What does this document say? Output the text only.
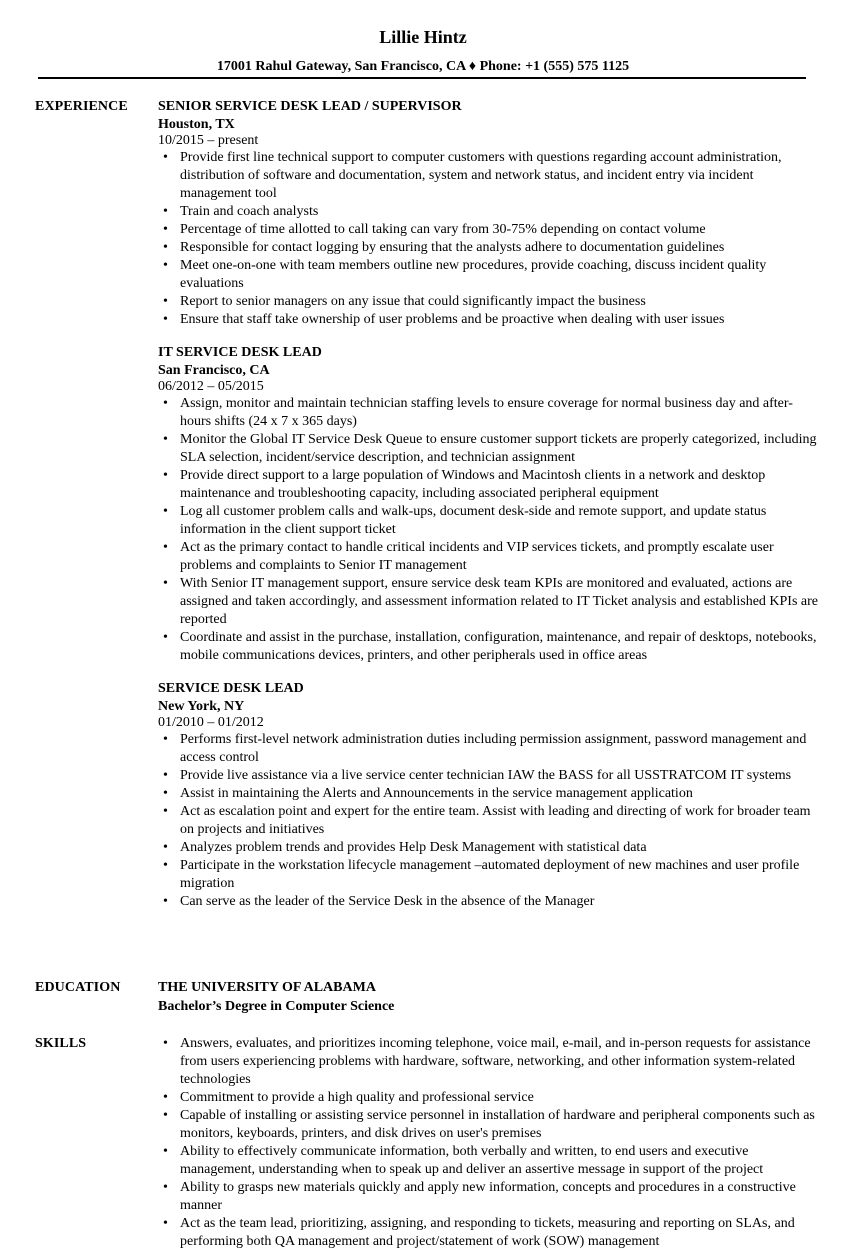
Lillie Hintz
17001 Rahul Gateway, San Francisco, CA ♦ Phone: +1 (555) 575 1125
EXPERIENCE	SENIOR SERVICE DESK LEAD / SUPERVISOR
Houston, TX
10/2015 – present
• Provide first line technical support to computer customers with questions regarding account administration, distribution of software and documentation, system and network status, and incident entry via incident management tool
• Train and coach analysts
• Percentage of time allotted to call taking can vary from 30-75% depending on contact volume
• Responsible for contact logging by ensuring that the analysts adhere to documentation guidelines
• Meet one-on-one with team members outline new procedures, provide coaching, discuss incident quality evaluations
• Report to senior managers on any issue that could significantly impact the business
• Ensure that staff take ownership of user problems and be proactive when dealing with user issues
IT SERVICE DESK LEAD
San Francisco, CA
06/2012 – 05/2015
• Assign, monitor and maintain technician staffing levels to ensure coverage for normal business day and after-hours shifts (24 x 7 x 365 days)
• Monitor the Global IT Service Desk Queue to ensure customer support tickets are properly categorized, including SLA selection, incident/service description, and technician assignment
• Provide direct support to a large population of Windows and Macintosh clients in a network and desktop maintenance and troubleshooting capacity, including associated peripheral equipment
• Log all customer problem calls and walk-ups, document desk-side and remote support, and update status information in the client support ticket
• Act as the primary contact to handle critical incidents and VIP services tickets, and promptly escalate user problems and complaints to Senior IT management
• With Senior IT management support, ensure service desk team KPIs are monitored and evaluated, actions are assigned and taken accordingly, and assessment information related to IT Ticket analysis and established KPIs are reported
• Coordinate and assist in the purchase, installation, configuration, maintenance, and repair of desktops, notebooks, mobile communications devices, printers, and other peripherals used in office areas
SERVICE DESK LEAD
New York, NY
01/2010 – 01/2012
• Performs first-level network administration duties including permission assignment, password management and access control
• Provide live assistance via a live service center technician IAW the BASS for all USSTRATCOM IT systems
• Assist in maintaining the Alerts and Announcements in the service management application
• Act as escalation point and expert for the entire team. Assist with leading and directing of work for broader team on projects and initiatives
• Analyzes problem trends and provides Help Desk Management with statistical data
• Participate in the workstation lifecycle management –automated deployment of new machines and user profile migration
• Can serve as the leader of the Service Desk in the absence of the Manager
EDUCATION	THE UNIVERSITY OF ALABAMA
Bachelor’s Degree in Computer Science
SKILLS
•	Answers, evaluates, and prioritizes incoming telephone, voice mail, e-mail, and in-person requests for assistance from users experiencing problems with hardware, software, networking, and other information system-related technologies
• Commitment to provide a high quality and professional service
• Capable of installing or assisting service personnel in installation of hardware and peripheral components such as monitors, keyboards, printers, and disk drives on user's premises
• Ability to effectively communicate information, both verbally and written, to end users and executive management, understanding when to speak up and deliver an assertive message in support of the project
• Ability to grasps new materials quickly and apply new information, concepts and procedures in a constructive manner
• Act as the team lead, prioritizing, assigning, and responding to tickets, measuring and reporting on SLAs, and performing both QA management and project/statement of work (SOW) management
